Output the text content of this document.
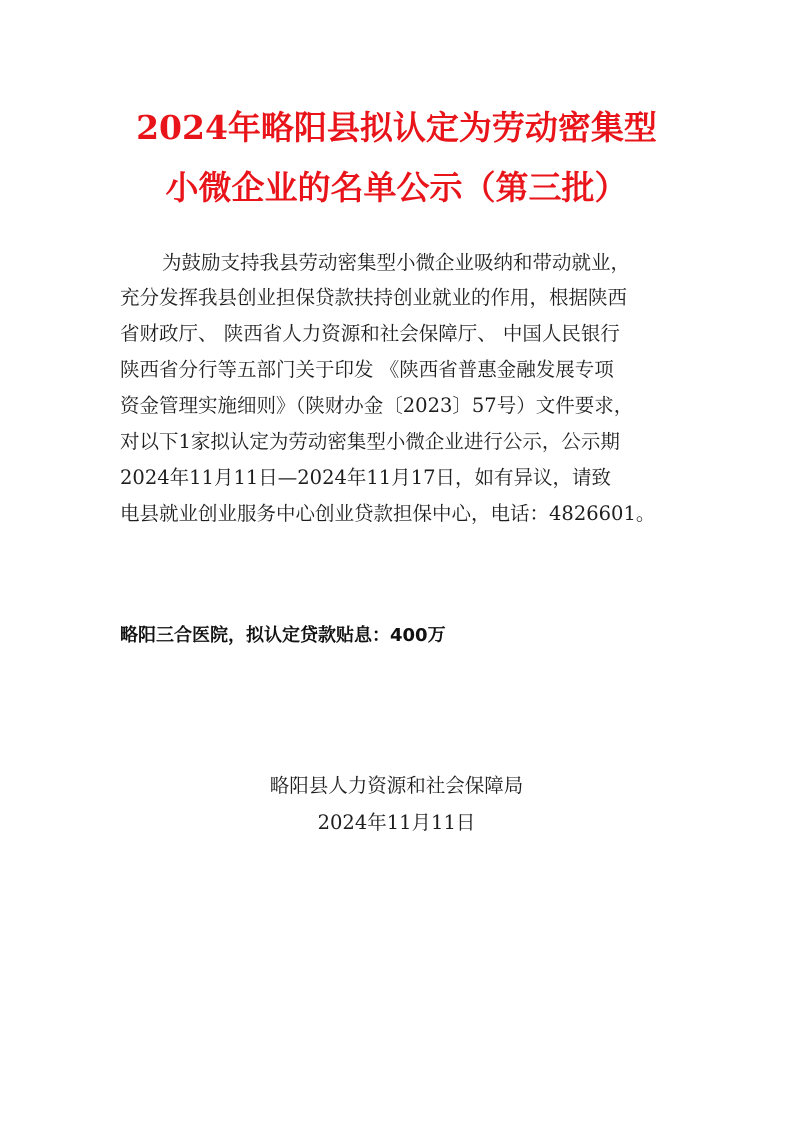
2024年略阳县拟认定为劳动密集型
小微企业的名单公示（第三批）
为鼓励支持我县劳动密集型小微企业吸纳和带动就业，
充分发挥我县创业担保贷款扶持创业就业的作用，根据陕西
省财政厅、 陕西省人力资源和社会保障厅、 中国人民银行
陕西省分行等五部门关于印发 《陕西省普惠金融发展专项
资金管理实施细则》（陕财办金〔2023〕57号）文件要求，
对以下1家拟认定为劳动密集型小微企业进行公示，公示期
2024年11月11日—2024年11月17日，如有异议，请致
电县就业创业服务中心创业贷款担保中心，电话：4826601。
略阳三合医院，拟认定贷款贴息：400万
略阳县人力资源和社会保障局
2024年11月11日
